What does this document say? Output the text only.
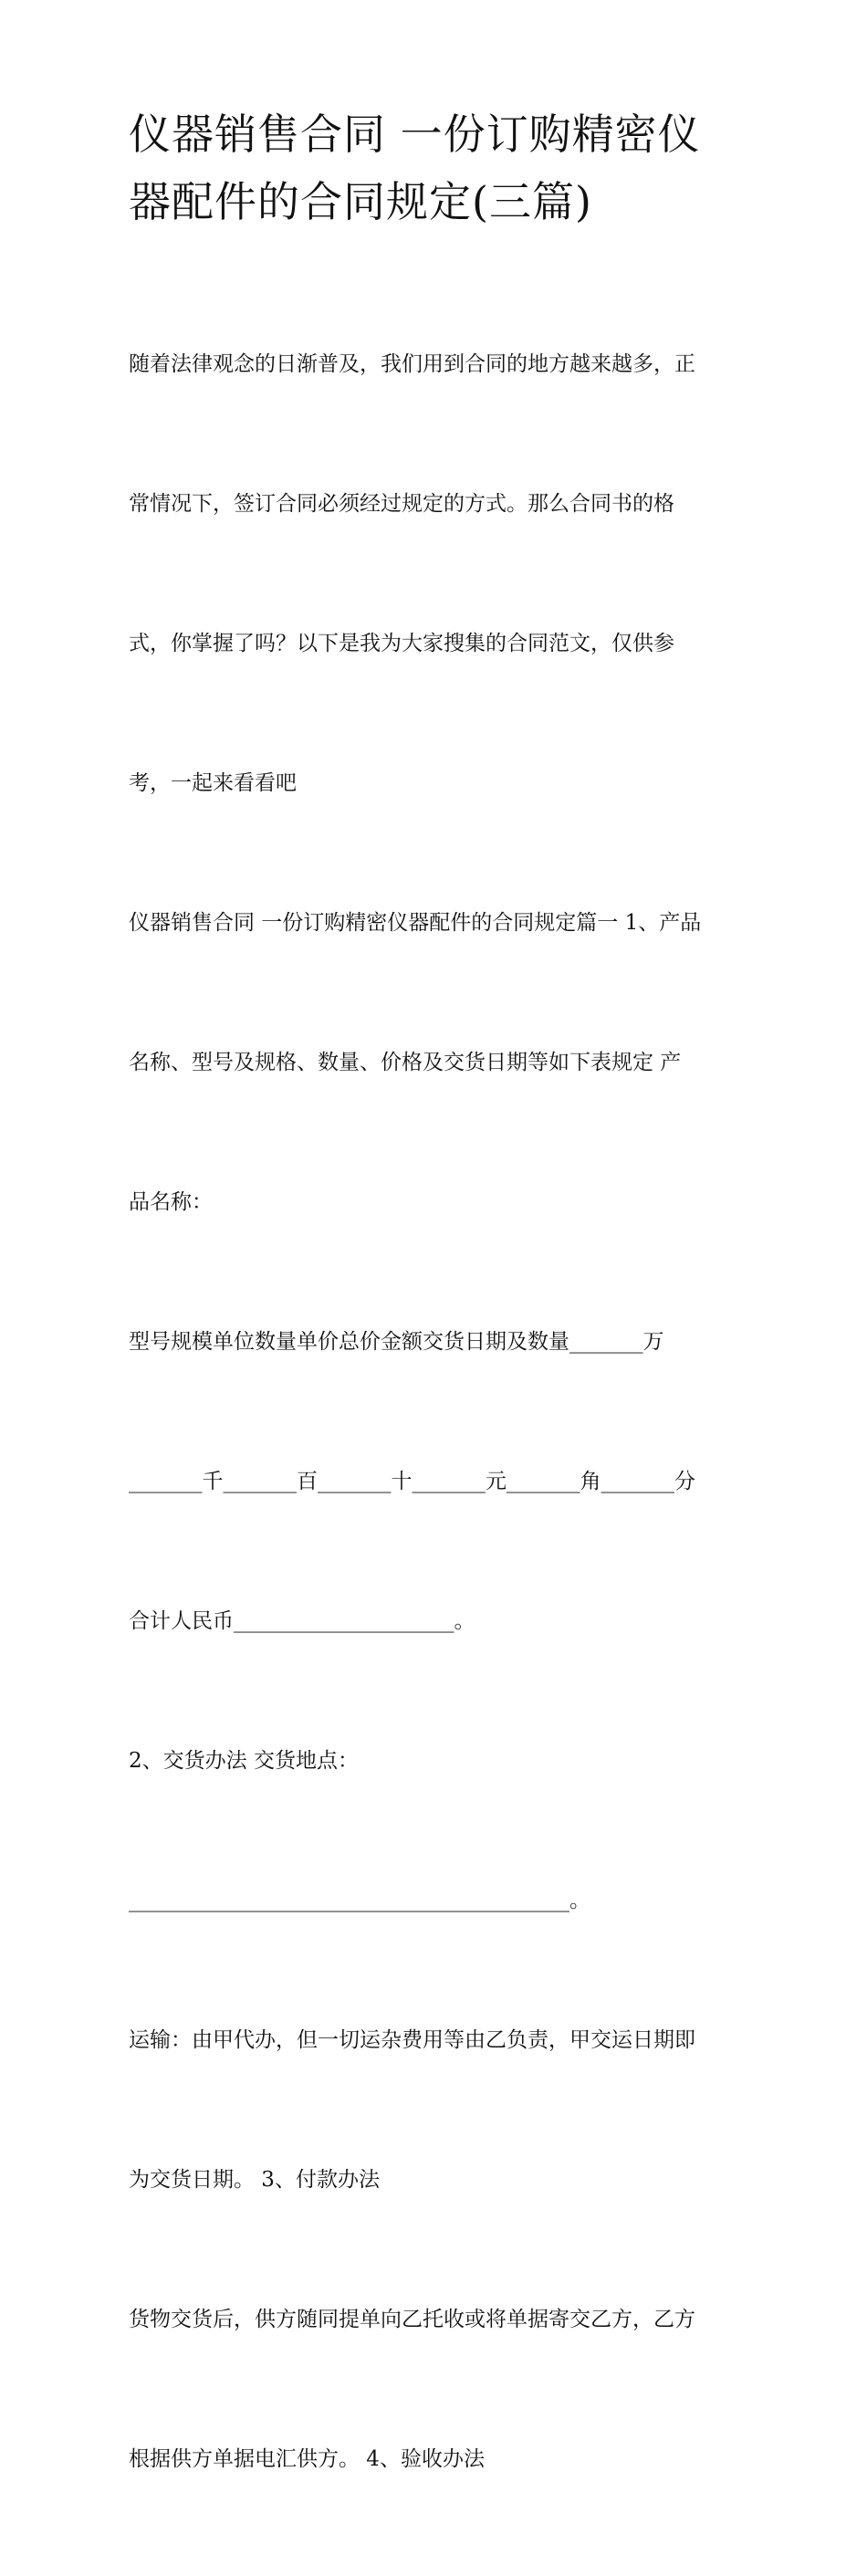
仪器销售合同 一份订购精密仪
器配件的合同规定(三篇)

随着法律观念的日渐普及，我们用到合同的地方越来越多，正

常情况下，签订合同必须经过规定的方式。那么合同书的格

式，你掌握了吗？以下是我为大家搜集的合同范文，仅供参

考，一起来看看吧

仪器销售合同 一份订购精密仪器配件的合同规定篇一 1、产品

名称、型号及规格、数量、价格及交货日期等如下表规定 产

品名称：

型号规模单位数量单价总价金额交货日期及数量_______万

_______千_______百_______十_______元_______角_______分

合计人民币_____________________。

2、交货办法 交货地点：

__________________________________________。

运输：由甲代办，但一切运杂费用等由乙负责，甲交运日期即

为交货日期。 3、付款办法

货物交货后，供方随同提单向乙托收或将单据寄交乙方，乙方

根据供方单据电汇供方。 4、验收办法
